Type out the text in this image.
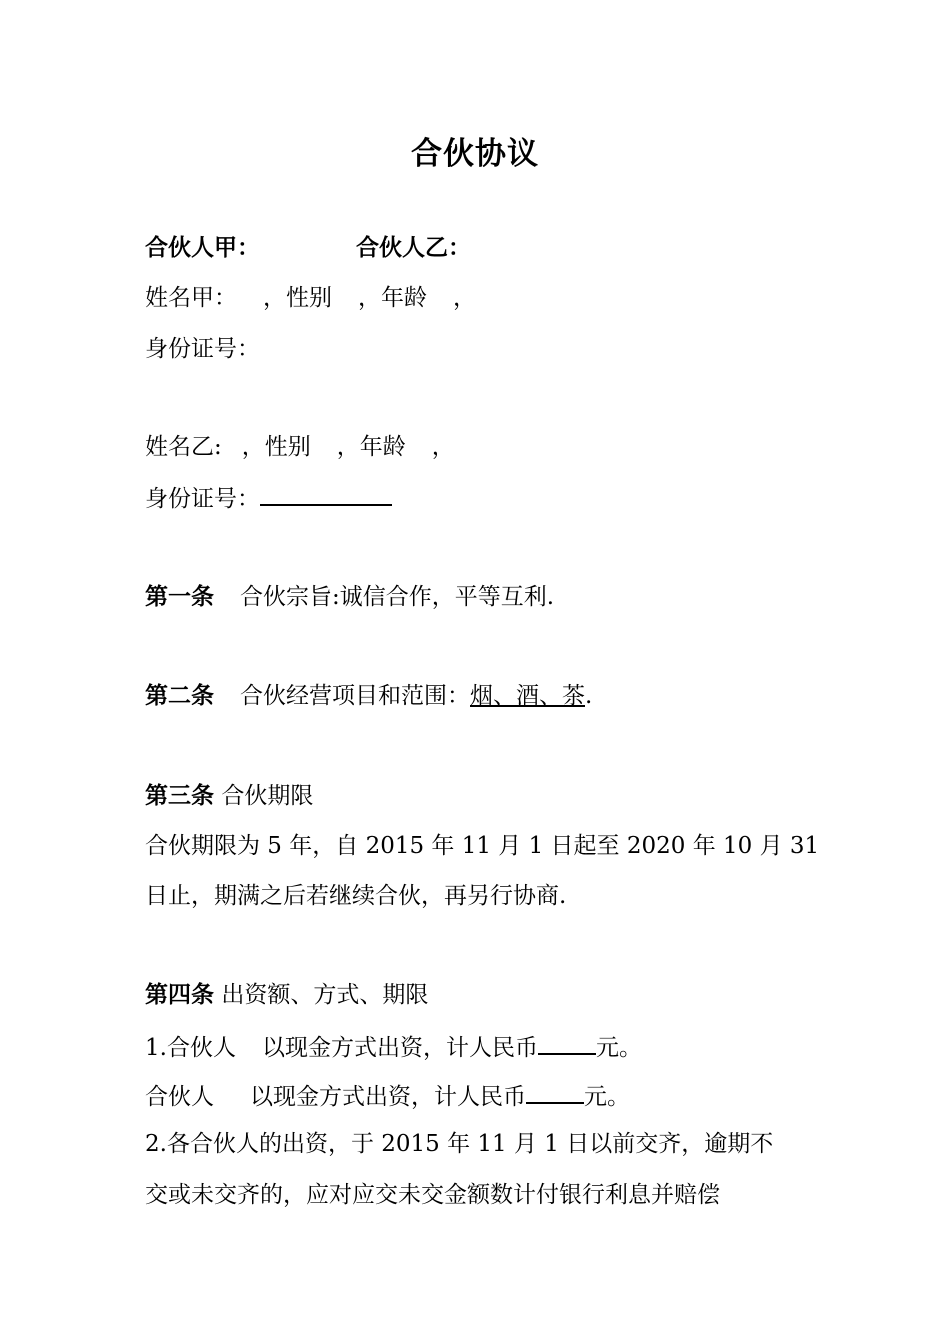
合伙协议
合伙人甲：	合伙人乙：
姓名甲： ，性别 ，年龄 ，
身份证号：
姓名乙: ，性别 ，年龄 ，
身份证号：
第一条 合伙宗旨:诚信合作，平等互利.
第二条 合伙经营项目和范围：烟、酒、茶.
第三条 合伙期限
合伙期限为 5 年，自 2015 年 11 月 1 日起至 2020 年 10 月 31
日止，期满之后若继续合伙，再另行协商.
第四条 出资额、方式、期限
1.合伙人 以现金方式出资，计人民币	元。
合伙人 以现金方式出资，计人民币	元。
2.各合伙人的出资，于 2015 年 11 月 1 日以前交齐，逾期不
交或未交齐的，应对应交未交金额数计付银行利息并赔偿
